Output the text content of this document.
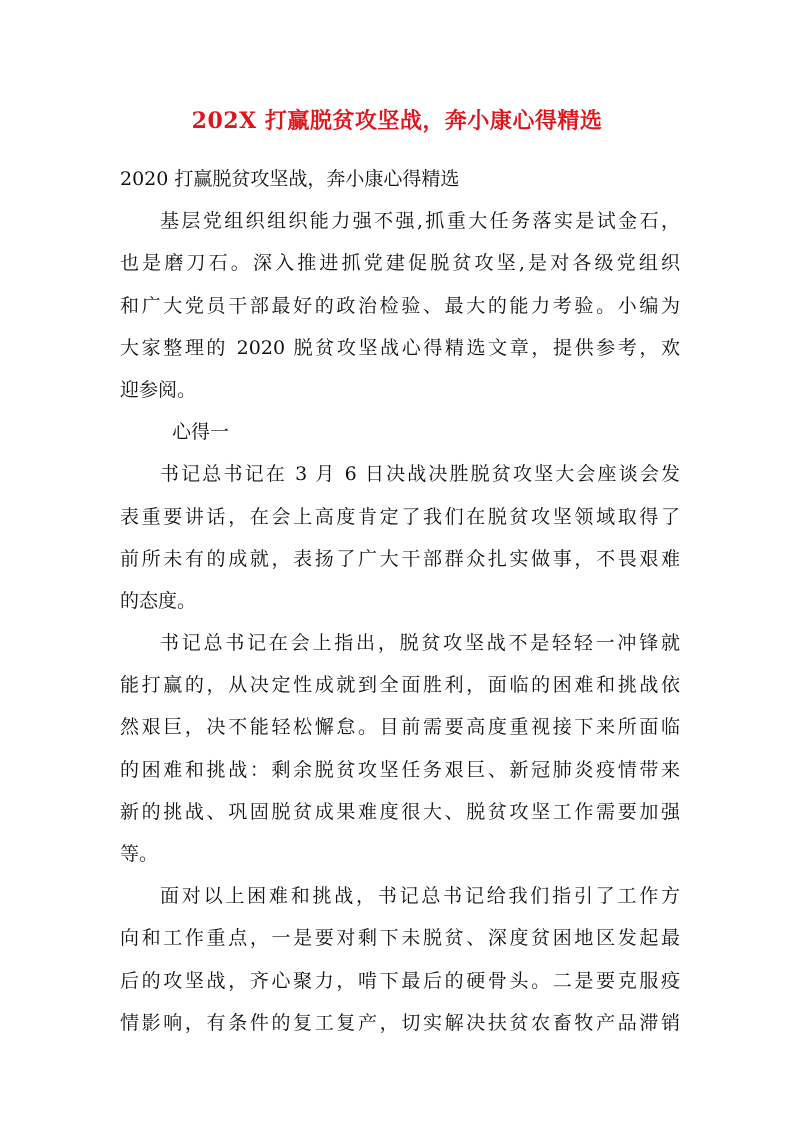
202X 打赢脱贫攻坚战，奔小康心得精选
2020 打赢脱贫攻坚战，奔小康心得精选
基层党组织组织能力强不强,抓重大任务落实是试金石，
也是磨刀石。深入推进抓党建促脱贫攻坚,是对各级党组织
和广大党员干部最好的政治检验、最大的能力考验。小编为
大家整理的 2020 脱贫攻坚战心得精选文章，提供参考，欢
迎参阅。
心得一
书记总书记在 3 月 6 日决战决胜脱贫攻坚大会座谈会发
表重要讲话，在会上高度肯定了我们在脱贫攻坚领域取得了
前所未有的成就，表扬了广大干部群众扎实做事，不畏艰难
的态度。
书记总书记在会上指出，脱贫攻坚战不是轻轻一冲锋就
能打赢的，从决定性成就到全面胜利，面临的困难和挑战依
然艰巨，决不能轻松懈怠。目前需要高度重视接下来所面临
的困难和挑战：剩余脱贫攻坚任务艰巨、新冠肺炎疫情带来
新的挑战、巩固脱贫成果难度很大、脱贫攻坚工作需要加强
等。
面对以上困难和挑战，书记总书记给我们指引了工作方
向和工作重点，一是要对剩下未脱贫、深度贫困地区发起最
后的攻坚战，齐心聚力，啃下最后的硬骨头。二是要克服疫
情影响，有条件的复工复产，切实解决扶贫农畜牧产品滞销
